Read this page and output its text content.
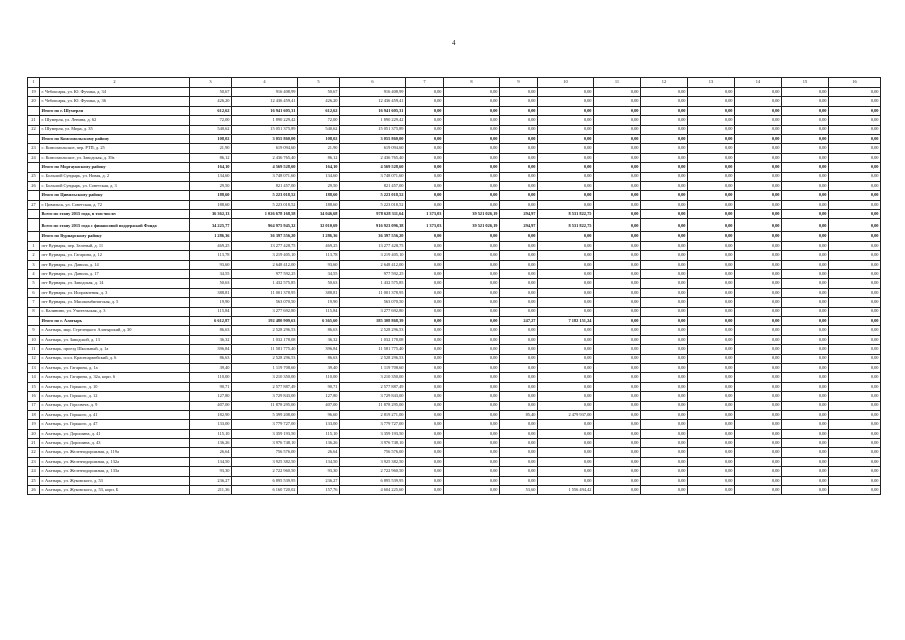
4
1	2	3	4	5	6	7	8	9	10	11	12	13	14	15	16
19	г. Чебоксары, ул. Ю. Фучика, д. 34	50,67	916 408,99	50,67	916 408,99	0,00	0,00	0,00	0,00	0,00	0,00	0,00	0,00	0,00	0,00
20	г. Чебоксары, ул. Ю. Фучика, д. 36	426,20	12 436 459,41	426,20	12 436 459,41	0,00	0,00	0,00	0,00	0,00	0,00	0,00	0,00	0,00	0,00
	Итого по г. Шумерля	612,62	16 941 605,31	612,62	16 941 605,31	0,00	0,00	0,00	0,00	0,00	0,00	0,00	0,00	0,00	0,00
21	г. Шумерля, ул. Ленина, д. 62	72,00	1 890 229,42	72,00	1 890 229,42	0,00	0,00	0,00	0,00	0,00	0,00	0,00	0,00	0,00	0,00
22	г. Шумерля, ул. Мира, д. 35	540,62	15 051 375,89	540,62	15 051 375,89	0,00	0,00	0,00	0,00	0,00	0,00	0,00	0,00	0,00	0,00
	Итого по Комсомольскому району	108,02	3 055 860,00	108,02	3 055 860,00	0,00	0,00	0,00	0,00	0,00	0,00	0,00	0,00	0,00	0,00
23	с. Комсомольское, пер. РТП, д. 25	21,90	619 094,60	21,90	619 094,60	0,00	0,00	0,00	0,00	0,00	0,00	0,00	0,00	0,00	0,00
24	с. Комсомольское, ул. Заводская, д. 39а	86,12	2 436 765,40	86,12	2 436 765,40	0,00	0,00	0,00	0,00	0,00	0,00	0,00	0,00	0,00	0,00
	Итого по Моргаушскому району	164,10	4 569 528,60	164,10	4 569 528,60	0,00	0,00	0,00	0,00	0,00	0,00	0,00	0,00	0,00	0,00
25	с. Большой Сундырь, ул. Новая, д. 2	134,60	3 748 071,60	134,60	3 748 071,60	0,00	0,00	0,00	0,00	0,00	0,00	0,00	0,00	0,00	0,00
26	с. Большой Сундырь, ул. Советская, д. 3	29,50	821 457,00	29,50	821 457,00	0,00	0,00	0,00	0,00	0,00	0,00	0,00	0,00	0,00	0,00
	Итого по Цивильскому району	188,60	5 223 018,52	188,60	5 223 018,52	0,00	0,00	0,00	0,00	0,00	0,00	0,00	0,00	0,00	0,00
27	г. Цивильск, ул. Советская, д. 72	188,60	5 223 018,52	188,60	5 223 018,52	0,00	0,00	0,00	0,00	0,00	0,00	0,00	0,00	0,00	0,00
	Всего по этапу 2015 года, в том числе:	36 362,13	1 026 678 168,58	34 046,68	978 628 311,64	1 373,03	39 521 026,19	294,97	8 531 822,75	0,00	0,00	0,00	0,00	0,00	0,00
	Всего по этапу 2015 года с финансовой поддержкой Фонда	34 225,77	964 975 945,32	32 010,69	916 923 096,38	1 373,03	39 521 026,19	294,97	8 531 822,75	0,00	0,00	0,00	0,00	0,00	0,00
	Итого по Вурнарскому району	1 286,36	36 397 556,20	1 286,36	36 397 556,20	0,00	0,00	0,00	0,00	0,00	0,00	0,00	0,00	0,00	0,00
1	пгт Вурнары, пер. Зеленый, д. 11	469,25	13 277 428,75	469,25	13 277 428,75	0,00	0,00	0,00	0,00	0,00	0,00	0,00	0,00	0,00	0,00
2	пгт Вурнары, ул. Гагарина, д. 12	113,78	3 219 405,10	113,78	3 219 405,10	0,00	0,00	0,00	0,00	0,00	0,00	0,00	0,00	0,00	0,00
3	пгт Вурнары, ул. Данила, д. 14	93,60	2 648 412,00	93,60	2 648 412,00	0,00	0,00	0,00	0,00	0,00	0,00	0,00	0,00	0,00	0,00
4	пгт Вурнары, ул. Данила, д. 17	34,55	977 592,25	34,55	977 592,25	0,00	0,00	0,00	0,00	0,00	0,00	0,00	0,00	0,00	0,00
5	пгт Вурнары, ул. Заводская, д. 14	50,63	1 432 575,85	50,63	1 432 575,85	0,00	0,00	0,00	0,00	0,00	0,00	0,00	0,00	0,00	0,00
6	пгт Вурнары, ул. Исправления, д. 3	388,81	11 001 378,95	388,81	11 001 378,95	0,00	0,00	0,00	0,00	0,00	0,00	0,00	0,00	0,00	0,00
7	пгт Вурнары, ул. Мясокомбинатская, д. 5	19,90	563 070,50	19,90	563 070,50	0,00	0,00	0,00	0,00	0,00	0,00	0,00	0,00	0,00	0,00
8	с. Калинино, ул. Учительская, д. 3	115,84	3 277 692,80	115,84	3 277 692,80	0,00	0,00	0,00	0,00	0,00	0,00	0,00	0,00	0,00	0,00
	Итого по г. Алатырь	6 612,87	192 480 909,63	6 365,60	185 308 868,39	0,00	0,00	247,27	7 182 151,24	0,00	0,00	0,00	0,00	0,00	0,00
9	г. Алатырь, мкр. Стрелецкого Алатырский, д. 30	86,63	2 528 296,53	86,63	2 528 296,53	0,00	0,00	0,00	0,00	0,00	0,00	0,00	0,00	0,00	0,00
10	г. Алатырь, ул. Заводской, д. 13	36,32	1 032 178,08	36,32	1 032 178,08	0,00	0,00	0,00	0,00	0,00	0,00	0,00	0,00	0,00	0,00
11	г. Алатырь, проезд Школьный, д. 1а	396,84	11 581 775,40	396,84	11 581 775,40	0,00	0,00	0,00	0,00	0,00	0,00	0,00	0,00	0,00	0,00
12	г. Алатырь, сосл. Красноармейский, д. 6	86,63	2 528 296,53	86,63	2 528 296,53	0,00	0,00	0,00	0,00	0,00	0,00	0,00	0,00	0,00	0,00
13	г. Алатырь, ул. Гагарина, д. 1а	39,40	1 119 708,60	39,40	1 119 708,60	0,00	0,00	0,00	0,00	0,00	0,00	0,00	0,00	0,00	0,00
14	г. Алатырь, ул. Гагарина, д. 32а, корп. 6	110,00	3 210 350,00	110,00	3 210 350,00	0,00	0,00	0,00	0,00	0,00	0,00	0,00	0,00	0,00	0,00
15	г. Алатырь, ул. Горького, д. 10	90,71	2 577 887,49	90,71	2 577 887,49	0,00	0,00	0,00	0,00	0,00	0,00	0,00	0,00	0,00	0,00
16	г. Алатырь, ул. Горького, д. 12	127,80	3 729 843,00	127,80	3 729 843,00	0,00	0,00	0,00	0,00	0,00	0,00	0,00	0,00	0,00	0,00
17	г. Алатырь, ул. Горсовета, д. 9	407,00	11 878 295,00	407,00	11 878 295,00	0,00	0,00	0,00	0,00	0,00	0,00	0,00	0,00	0,00	0,00
18	г. Алатырь, ул. Горького, д. 41	182,90	5 399 208,00	96,60	2 819 271,00	0,00	0,00	85,40	2 479 937,00	0,00	0,00	0,00	0,00	0,00	0,00
19	г. Алатырь, ул. Горького, д. 47	133,00	3 779 727,00	133,00	3 779 727,00	0,00	0,00	0,00	0,00	0,00	0,00	0,00	0,00	0,00	0,00
20	г. Алатырь, ул. Дорошина, д. 41	115,10	3 359 193,50	115,10	3 359 193,50	0,00	0,00	0,00	0,00	0,00	0,00	0,00	0,00	0,00	0,00
21	г. Алатырь, ул. Дорошина, д. 43	136,26	3 976 748,10	136,26	3 976 748,10	0,00	0,00	0,00	0,00	0,00	0,00	0,00	0,00	0,00	0,00
22	г. Алатырь, ул. Железнодорожная, д. 119а	26,64	756 576,00	26,64	756 576,00	0,00	0,00	0,00	0,00	0,00	0,00	0,00	0,00	0,00	0,00
23	г. Алатырь, ул. Железнодорожная, д. 132а	134,50	3 925 382,50	134,50	3 925 382,50	0,00	0,00	0,00	0,00	0,00	0,00	0,00	0,00	0,00	0,00
24	г. Алатырь, ул. Железнодорожная, д. 133а	93,30	2 722 960,50	93,30	2 722 960,50	0,00	0,00	0,00	0,00	0,00	0,00	0,00	0,00	0,00	0,00
25	г. Алатырь, ул. Жуковского, д. 53	236,27	6 895 539,95	236,27	6 895 539,95	0,00	0,00	0,00	0,00	0,00	0,00	0,00	0,00	0,00	0,00
26	г. Алатырь, ул. Жуковского, д. 53, корп. Б	211,36	6 160 720,02	157,76	4 604 225,60	0,00	0,00	53,60	1 556 494,42	0,00	0,00	0,00	0,00	0,00	0,00
